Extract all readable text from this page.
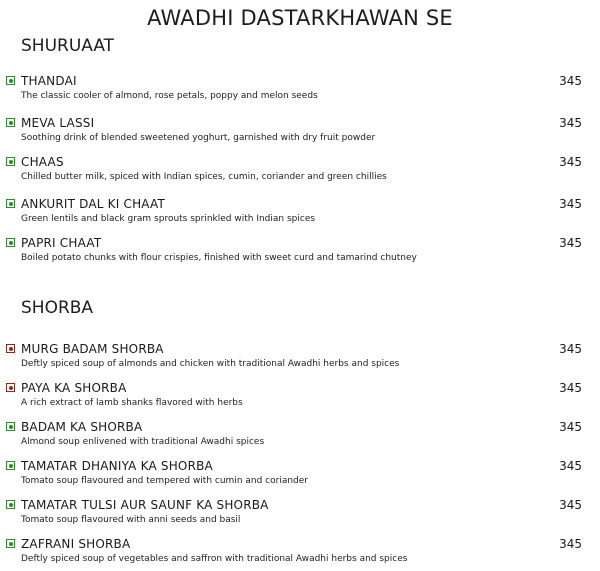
AWADHI DASTARKHAWAN SE
SHURUAAT
THANDAI
The classic cooler of almond, rose petals, poppy and melon seeds
345
MEVA LASSI
Soothing drink of blended sweetened yoghurt, garnished with dry fruit powder
345
CHAAS
Chilled butter milk, spiced with Indian spices, cumin, coriander and green chillies
345
ANKURIT DAL KI CHAAT
Green lentils and black gram sprouts sprinkled with Indian spices
345
PAPRI CHAAT
Boiled potato chunks with flour crispies, finished with sweet curd and tamarind chutney
345
SHORBA
MURG BADAM SHORBA
Deftly spiced soup of almonds and chicken with traditional Awadhi herbs and spices
345
PAYA KA SHORBA
A rich extract of lamb shanks flavored with herbs
345
BADAM KA SHORBA
Almond soup enlivened with traditional Awadhi spices
345
TAMATAR DHANIYA KA SHORBA
Tomato soup flavoured and tempered with cumin and coriander
345
TAMATAR TULSI AUR SAUNF KA SHORBA
Tomato soup flavoured with anni seeds and basil
345
ZAFRANI SHORBA
Deftly spiced soup of vegetables and saffron with traditional Awadhi herbs and spices
345
